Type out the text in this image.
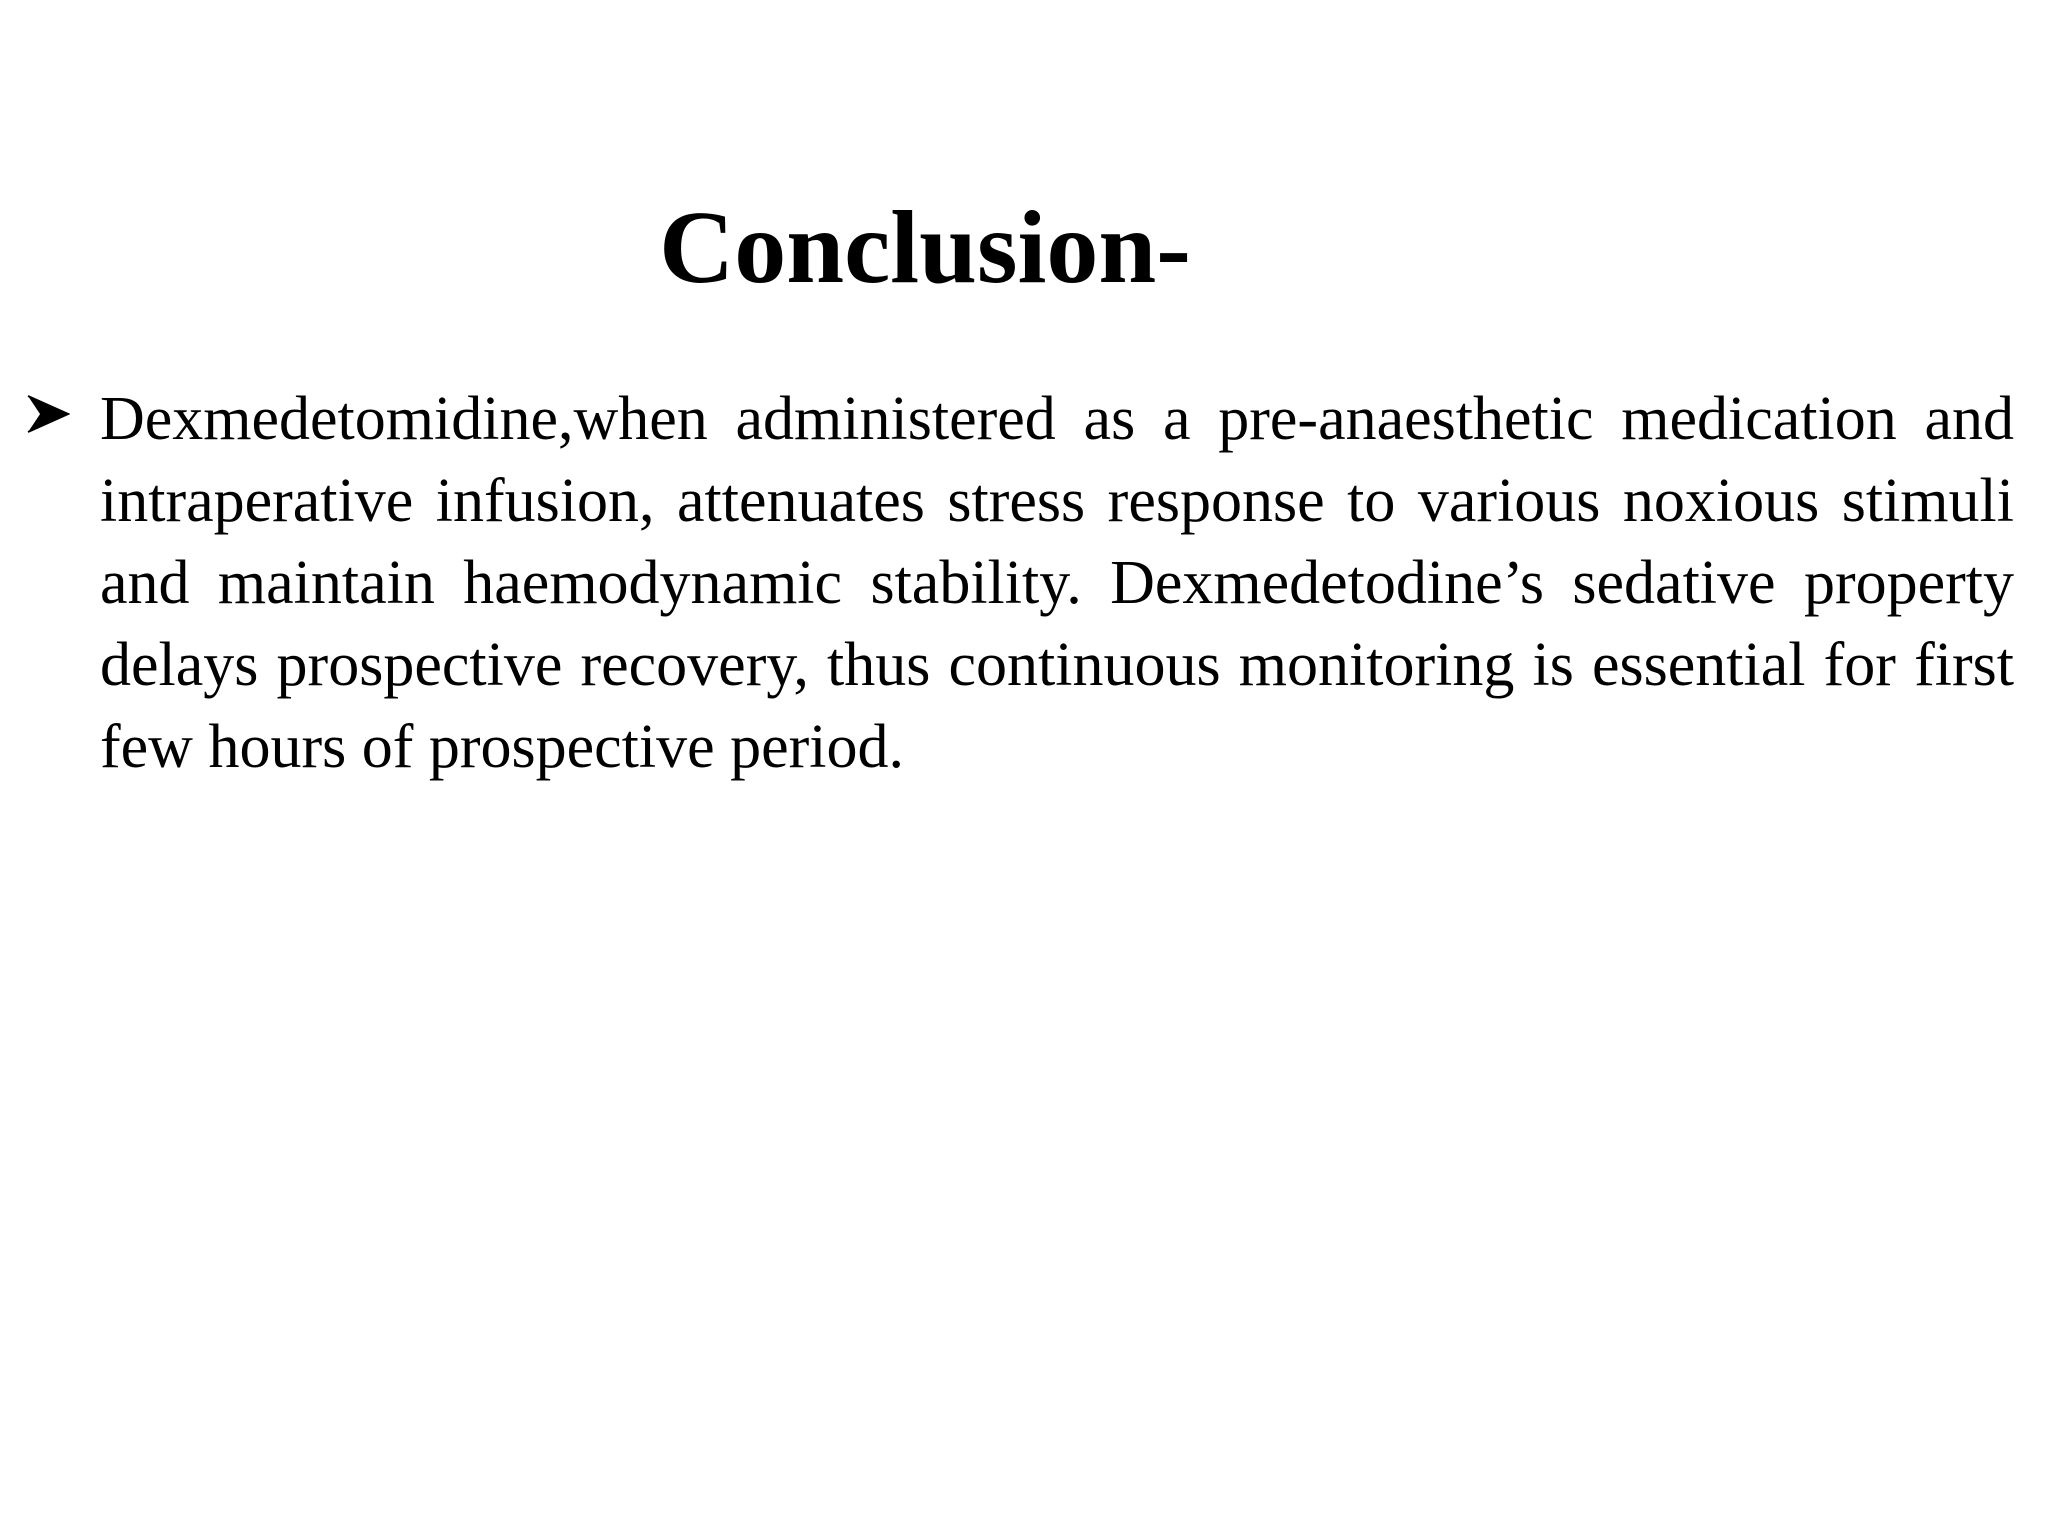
Conclusion-
Dexmedetomidine,when administered as a pre-anaesthetic medication and intraperative infusion, attenuates stress response to various noxious stimuli and maintain haemodynamic stability. Dexmedetodine’s sedative property delays prospective recovery, thus continuous monitoring is essential for first few hours of prospective period.
